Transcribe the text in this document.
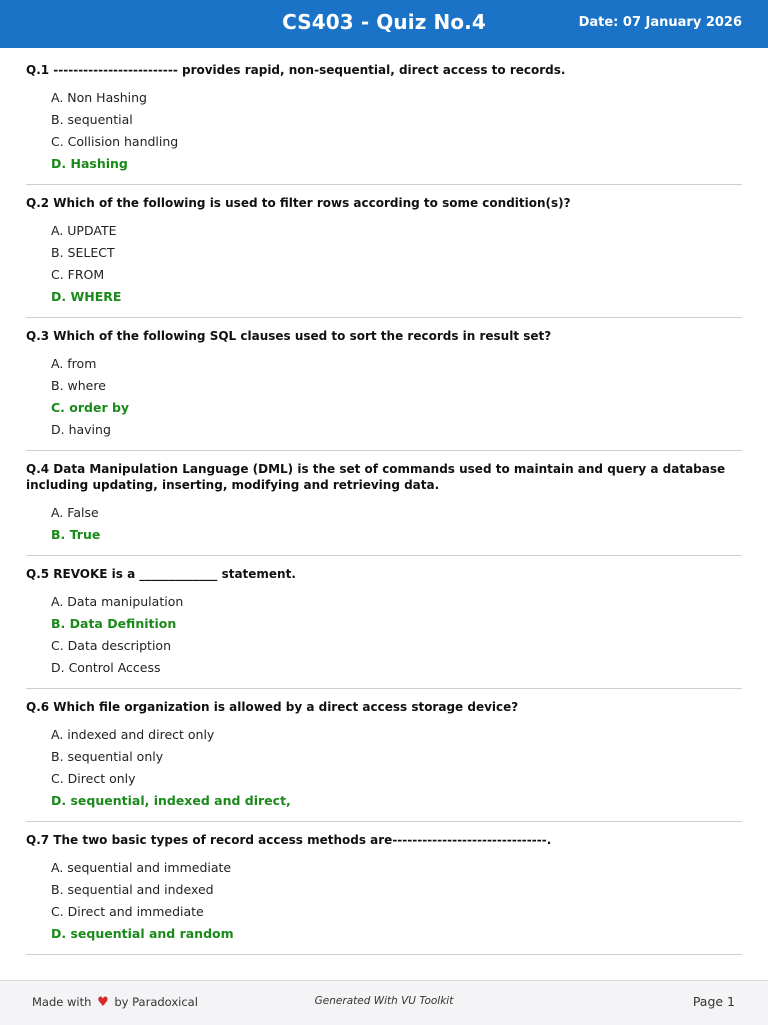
CS403 - Quiz No.4	Date: 07 January 2026
Q.1 ------------------------- provides rapid, non-sequential, direct access to records.
A. Non Hashing
B. sequential
C. Collision handling
D. Hashing
Q.2 Which of the following is used to filter rows according to some condition(s)?
A. UPDATE
B. SELECT
C. FROM
D. WHERE
Q.3 Which of the following SQL clauses used to sort the records in result set?
A. from
B. where
C. order by
D. having
Q.4 Data Manipulation Language (DML) is the set of commands used to maintain and query a database including updating, inserting, modifying and retrieving data.
A. False
B. True
Q.5 REVOKE is a _____________ statement.
A. Data manipulation
B. Data Definition
C. Data description
D. Control Access
Q.6 Which file organization is allowed by a direct access storage device?
A. indexed and direct only
B. sequential only
C. Direct only
D. sequential, indexed and direct,
Q.7 The two basic types of record access methods are-------------------------------.
A. sequential and immediate
B. sequential and indexed
C. Direct and immediate
D. sequential and random
Made with ♥ by Paradoxical	Generated With VU Toolkit	Page 1
